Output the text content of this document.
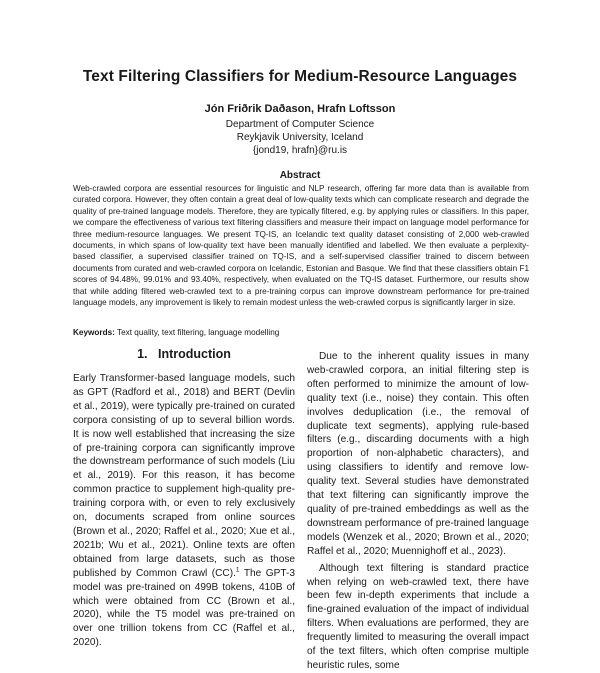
Text Filtering Classifiers for Medium-Resource Languages
Jón Friðrik Daðason, Hrafn Loftsson
Department of Computer Science
Reykjavik University, Iceland
{jond19, hrafn}@ru.is
Abstract
Web-crawled corpora are essential resources for linguistic and NLP research, offering far more data than is available from curated corpora. However, they often contain a great deal of low-quality texts which can complicate research and degrade the quality of pre-trained language models. Therefore, they are typically filtered, e.g. by applying rules or classifiers. In this paper, we compare the effectiveness of various text filtering classifiers and measure their impact on language model performance for three medium-resource languages. We present TQ-IS, an Icelandic text quality dataset consisting of 2,000 web-crawled documents, in which spans of low-quality text have been manually identified and labelled. We then evaluate a perplexity-based classifier, a supervised classifier trained on TQ-IS, and a self-supervised classifier trained to discern between documents from curated and web-crawled corpora on Icelandic, Estonian and Basque. We find that these classifiers obtain F1 scores of 94.48%, 99.01% and 93.40%, respectively, when evaluated on the TQ-IS dataset. Furthermore, our results show that while adding filtered web-crawled text to a pre-training corpus can improve downstream performance for pre-trained language models, any improvement is likely to remain modest unless the web-crawled corpus is significantly larger in size.
Keywords: Text quality, text filtering, language modelling
1. Introduction

Early Transformer-based language models, such as GPT (Radford et al., 2018) and BERT (Devlin et al., 2019), were typically pre-trained on curated corpora consisting of up to several billion words. It is now well established that increasing the size of pre-training corpora can significantly improve the downstream performance of such models (Liu et al., 2019). For this reason, it has become common practice to supplement high-quality pre-training corpora with, or even to rely exclusively on, documents scraped from online sources (Brown et al., 2020; Raffel et al., 2020; Xue et al., 2021b; Wu et al., 2021). Online texts are often obtained from large datasets, such as those published by Common Crawl (CC).$^1$ The GPT-3 model was pre-trained on 499B tokens, 410B of which were obtained from CC (Brown et al., 2020), while the T5 model was pre-trained on over one trillion tokens from CC (Raffel et al., 2020).

Due to the inherent quality issues in many web-crawled corpora, an initial filtering step is often performed to minimize the amount of low-quality text (i.e., noise) they contain. This often involves deduplication (i.e., the removal of duplicate text segments), applying rule-based filters (e.g., discarding documents with a high proportion of non-alphabetic characters), and using classifiers to identify and remove low-quality text. Several studies have demonstrated that text filtering can significantly improve the quality of pre-trained embeddings as well as the downstream performance of pre-trained language models (Wenzek et al., 2020; Brown et al., 2020; Raffel et al., 2020; Muennighoff et al., 2023).

Although text filtering is standard practice when relying on web-crawled text, there have been few in-depth experiments that include a fine-grained evaluation of the impact of individual filters. When evaluations are performed, they are frequently limited to measuring the overall impact of the text filters, which often comprise multiple heuristic rules, some
